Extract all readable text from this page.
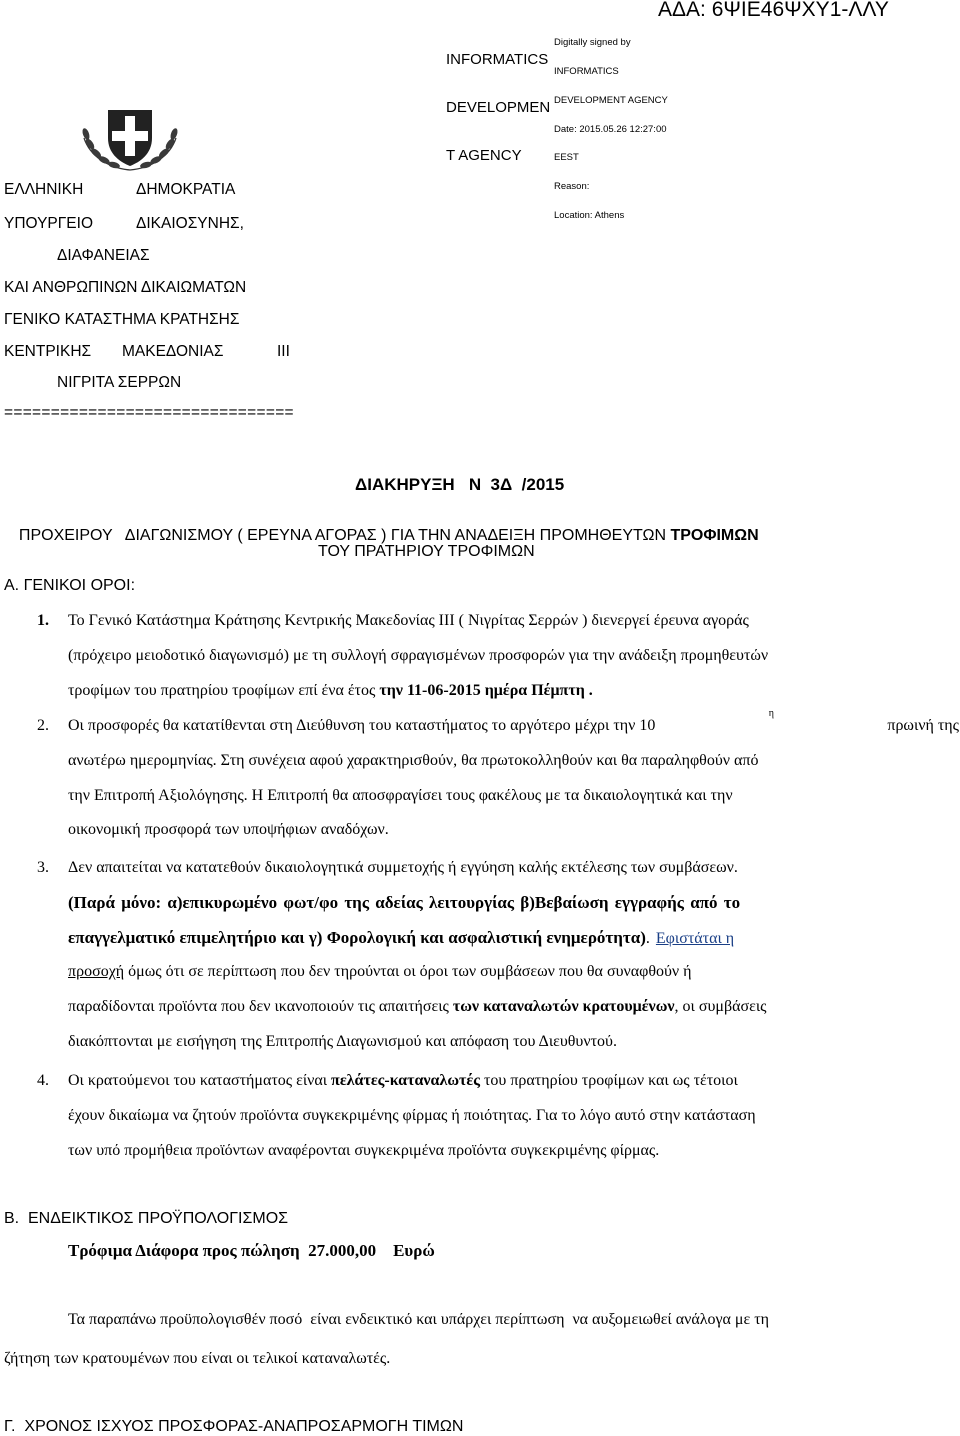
ΑΔΑ: 6ΨΙΕ46ΨΧΥ1-ΛΛΥ

INFORMATICS

DEVELOPMEN

T AGENCY

Digitally signed by

INFORMATICS

DEVELOPMENT AGENCY

Date: 2015.05.26 12:27:00

EEST

Reason:

Location: Athens

ΕΛΛΗΝΙΚΗ	ΔΗΜΟΚΡΑΤΙΑ
ΥΠΟΥΡΓΕΙΟ	ΔΙΚΑΙΟΣΥΝΗΣ,
ΔΙΑΦΑΝΕΙΑΣ
ΚΑΙ ΑΝΘΡΩΠΙΝΩΝ ΔΙΚΑΙΩΜΑΤΩΝ
ΓΕΝΙΚΟ ΚΑΤΑΣΤΗΜΑ ΚΡΑΤΗΣΗΣ
ΚΕΝΤΡΙΚΗΣ ΜΑΚΕΔΟΝΙΑΣ	ΙΙΙ
ΝΙΓΡΙΤΑ ΣΕΡΡΩΝ
===============================
ΔΙΑΚΗΡΥΞΗ   Ν  3Δ  /2015

ΠΡΟΧΕΙΡΟΥ ΔΙΑΓΩΝΙΣΜΟΥ ( ΕΡΕΥΝΑ ΑΓΟΡΑΣ ) ΓΙΑ ΤΗΝ ΑΝΑΔΕΙΞΗ ΠΡΟΜΗΘΕΥΤΩΝ ΤΡΟΦΙΜΩΝ

ΤΟΥ ΠΡΑΤΗΡΙΟΥ ΤΡΟΦΙΜΩΝ
Α. ΓΕΝΙΚΟΙ ΟΡΟΙ:
1. Το Γενικό Κατάστημα Κράτησης Κεντρικής Μακεδονίας ΙΙΙ ( Νιγρίτας Σερρών ) διενεργεί έρευνα αγοράς
(πρόχειρο μειοδοτικό διαγωνισμό) με τη συλλογή σφραγισμένων προσφορών για την ανάδειξη προμηθευτών
τροφίμων του πρατηρίου τροφίμων επί ένα έτος την 11-06-2015 ημέρα Πέμπτη .
2. Οι προσφορές θα κατατίθενται στη Διεύθυνση του καταστήματος το αργότερο μέχρι την 10
η
πρωινή της
ανωτέρω ημερομηνίας. Στη συνέχεια αφού χαρακτηρισθούν, θα πρωτοκολληθούν και θα παραληφθούν από
την Επιτροπή Αξιολόγησης. Η Επιτροπή θα αποσφραγίσει τους φακέλους με τα δικαιολογητικά και την
οικονομική προσφορά των υποψήφιων αναδόχων.
3. Δεν απαιτείται να κατατεθούν δικαιολογητικά συμμετοχής ή εγγύηση καλής εκτέλεσης των συμβάσεων.
(Παρά μόνο: α)επικυρωμένο φωτ/φο της αδείας λειτουργίας β)Βεβαίωση εγγραφής από το
επαγγελματικό επιμελητήριο και γ) Φορολογική και ασφαλιστική ενημερότητα). Εφιστάται η
προσοχή όμως ότι σε περίπτωση που δεν τηρούνται οι όροι των συμβάσεων που θα συναφθούν ή
παραδίδονται προϊόντα που δεν ικανοποιούν τις απαιτήσεις των καταναλωτών κρατουμένων, οι συμβάσεις
διακόπτονται με εισήγηση της Επιτροπής Διαγωνισμού και απόφαση του Διευθυντού.
4. Οι κρατούμενοι του καταστήματος είναι πελάτες-καταναλωτές του πρατηρίου τροφίμων και ως τέτοιοι
έχουν δικαίωμα να ζητούν προϊόντα συγκεκριμένης φίρμας ή ποιότητας. Για το λόγο αυτό στην κατάσταση
των υπό προμήθεια προϊόντων αναφέρονται συγκεκριμένα προϊόντα συγκεκριμένης φίρμας.
Β.  ΕΝΔΕΙΚΤΙΚΟΣ ΠΡΟΫΠΟΛΟΓΙΣΜΟΣ
Τρόφιμα Διάφορα προς πώληση  27.000,00    Ευρώ
Τα παραπάνω προϋπολογισθέν ποσό  είναι ενδεικτικό και υπάρχει περίπτωση  να αυξομειωθεί ανάλογα με τη
ζήτηση των κρατουμένων που είναι οι τελικοί καταναλωτές.
Γ.  ΧΡΟΝΟΣ ΙΣΧΥΟΣ ΠΡΟΣΦΟΡΑΣ-ΑΝΑΠΡΟΣΑΡΜΟΓΗ ΤΙΜΩΝ
